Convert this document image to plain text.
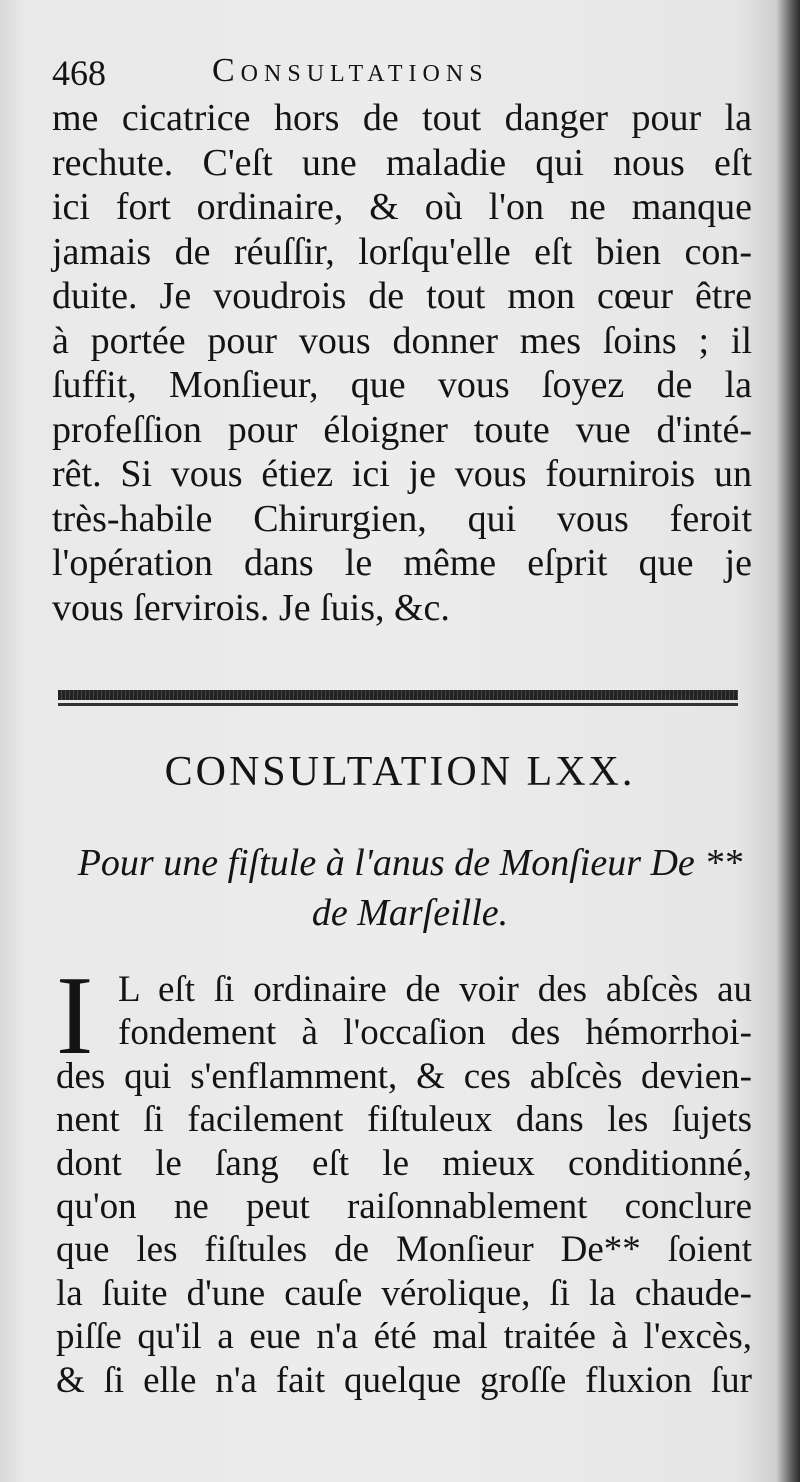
468	Consultations
me cicatrice hors de tout danger pour la
rechute. C'eſt une maladie qui nous eſt
ici fort ordinaire, & où l'on ne manque
jamais de réuſſir, lorſqu'elle eſt bien con-
duite. Je voudrois de tout mon cœur être
à portée pour vous donner mes ſoins ; il
ſuffit, Monſieur, que vous ſoyez de la
profeſſion pour éloigner toute vue d'inté-
rêt. Si vous étiez ici je vous fournirois un
très-habile Chirurgien, qui vous feroit
l'opération dans le même eſprit que je
vous ſervirois. Je ſuis, &c.
CONSULTATION LXX.
Pour une fiſtule à l'anus de Monſieur De **
de Marſeille.
I L eſt ſi ordinaire de voir des abſcès au
fondement à l'occaſion des hémorrhoi-
des qui s'enflamment, & ces abſcès devien-
nent ſi facilement fiſtuleux dans les ſujets
dont le ſang eſt le mieux conditionné,
qu'on ne peut raiſonnablement conclure
que les fiſtules de Monſieur De** ſoient
la ſuite d'une cauſe vérolique, ſi la chaude-
piſſe qu'il a eue n'a été mal traitée à l'excès,
& ſi elle n'a fait quelque groſſe fluxion ſur
